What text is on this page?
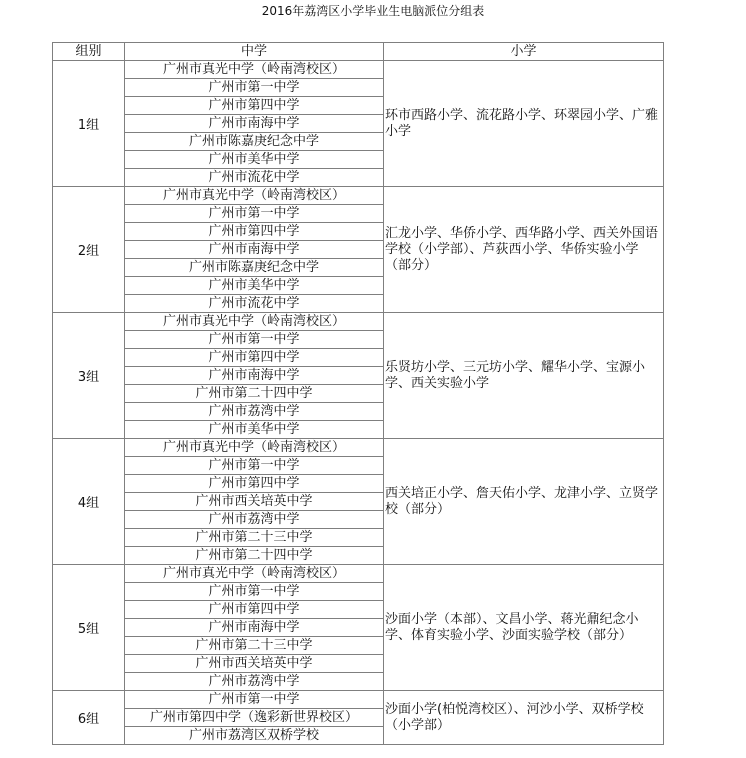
2016年荔湾区小学毕业生电脑派位分组表
组别	中学	小学
1组	广州市真光中学（岭南湾校区）	环市西路小学、流花路小学、环翠园小学、广雅小学
	广州市第一中学	
	广州市第四中学	
	广州市南海中学	
	广州市陈嘉庚纪念中学	
	广州市美华中学	
	广州市流花中学	
2组	广州市真光中学（岭南湾校区）	汇龙小学、华侨小学、西华路小学、西关外国语学校（小学部）、芦荻西小学、华侨实验小学（部分）
	广州市第一中学	
	广州市第四中学	
	广州市南海中学	
	广州市陈嘉庚纪念中学	
	广州市美华中学	
	广州市流花中学	
3组	广州市真光中学（岭南湾校区）	乐贤坊小学、三元坊小学、耀华小学、宝源小学、西关实验小学
	广州市第一中学	
	广州市第四中学	
	广州市南海中学	
	广州市第二十四中学	
	广州市荔湾中学	
	广州市美华中学	
4组	广州市真光中学（岭南湾校区）	西关培正小学、詹天佑小学、龙津小学、立贤学校（部分）
	广州市第一中学	
	广州市第四中学	
	广州市西关培英中学	
	广州市荔湾中学	
	广州市第二十三中学	
	广州市第二十四中学	
5组	广州市真光中学（岭南湾校区）	沙面小学（本部）、文昌小学、蒋光鼐纪念小学、体育实验小学、沙面实验学校（部分）
	广州市第一中学	
	广州市第四中学	
	广州市南海中学	
	广州市第二十三中学	
	广州市西关培英中学	
	广州市荔湾中学	
6组	广州市第一中学	沙面小学(柏悦湾校区）、河沙小学、双桥学校（小学部）
	广州市第四中学（逸彩新世界校区）	
	广州市荔湾区双桥学校	
